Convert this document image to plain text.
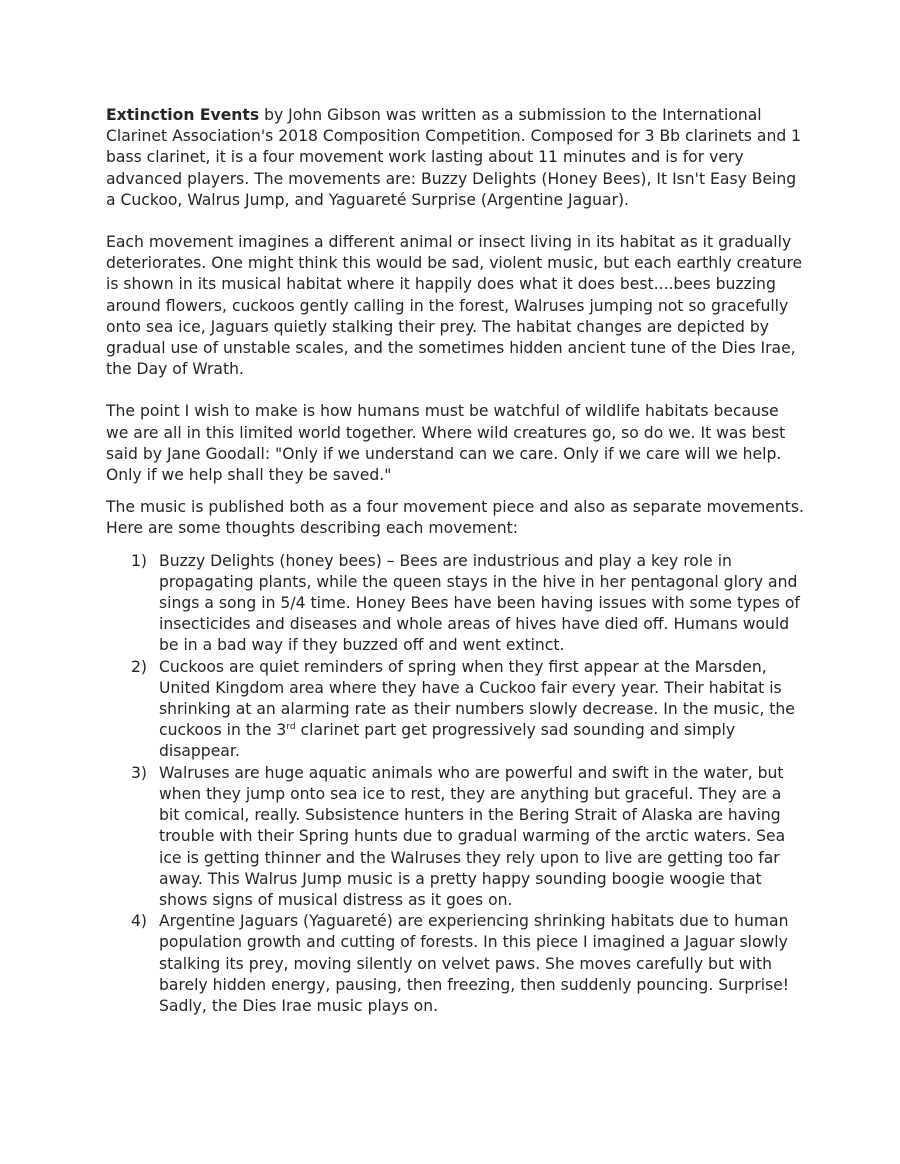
Extinction Events by John Gibson was written as a submission to the International Clarinet Association's 2018 Composition Competition. Composed for 3 Bb clarinets and 1 bass clarinet, it is a four movement work lasting about 11 minutes and is for very advanced players. The movements are: Buzzy Delights (Honey Bees), It Isn't Easy Being a Cuckoo, Walrus Jump, and Yaguareté Surprise (Argentine Jaguar).

Each movement imagines a different animal or insect living in its habitat as it gradually deteriorates. One might think this would be sad, violent music, but each earthly creature is shown in its musical habitat where it happily does what it does best....bees buzzing around flowers, cuckoos gently calling in the forest, Walruses jumping not so gracefully onto sea ice, Jaguars quietly stalking their prey. The habitat changes are depicted by gradual use of unstable scales, and the sometimes hidden ancient tune of the Dies Irae, the Day of Wrath.

The point I wish to make is how humans must be watchful of wildlife habitats because we are all in this limited world together. Where wild creatures go, so do we. It was best said by Jane Goodall: "Only if we understand can we care. Only if we care will we help. Only if we help shall they be saved."

The music is published both as a four movement piece and also as separate movements. Here are some thoughts describing each movement:

1) Buzzy Delights (honey bees) – Bees are industrious and play a key role in propagating plants, while the queen stays in the hive in her pentagonal glory and sings a song in 5/4 time. Honey Bees have been having issues with some types of insecticides and diseases and whole areas of hives have died off. Humans would be in a bad way if they buzzed off and went extinct.
2) Cuckoos are quiet reminders of spring when they first appear at the Marsden, United Kingdom area where they have a Cuckoo fair every year. Their habitat is shrinking at an alarming rate as their numbers slowly decrease. In the music, the cuckoos in the 3rd clarinet part get progressively sad sounding and simply disappear.
3) Walruses are huge aquatic animals who are powerful and swift in the water, but when they jump onto sea ice to rest, they are anything but graceful. They are a bit comical, really. Subsistence hunters in the Bering Strait of Alaska are having trouble with their Spring hunts due to gradual warming of the arctic waters. Sea ice is getting thinner and the Walruses they rely upon to live are getting too far away. This Walrus Jump music is a pretty happy sounding boogie woogie that shows signs of musical distress as it goes on.
4) Argentine Jaguars (Yaguareté) are experiencing shrinking habitats due to human population growth and cutting of forests. In this piece I imagined a Jaguar slowly stalking its prey, moving silently on velvet paws. She moves carefully but with barely hidden energy, pausing, then freezing, then suddenly pouncing. Surprise! Sadly, the Dies Irae music plays on.
